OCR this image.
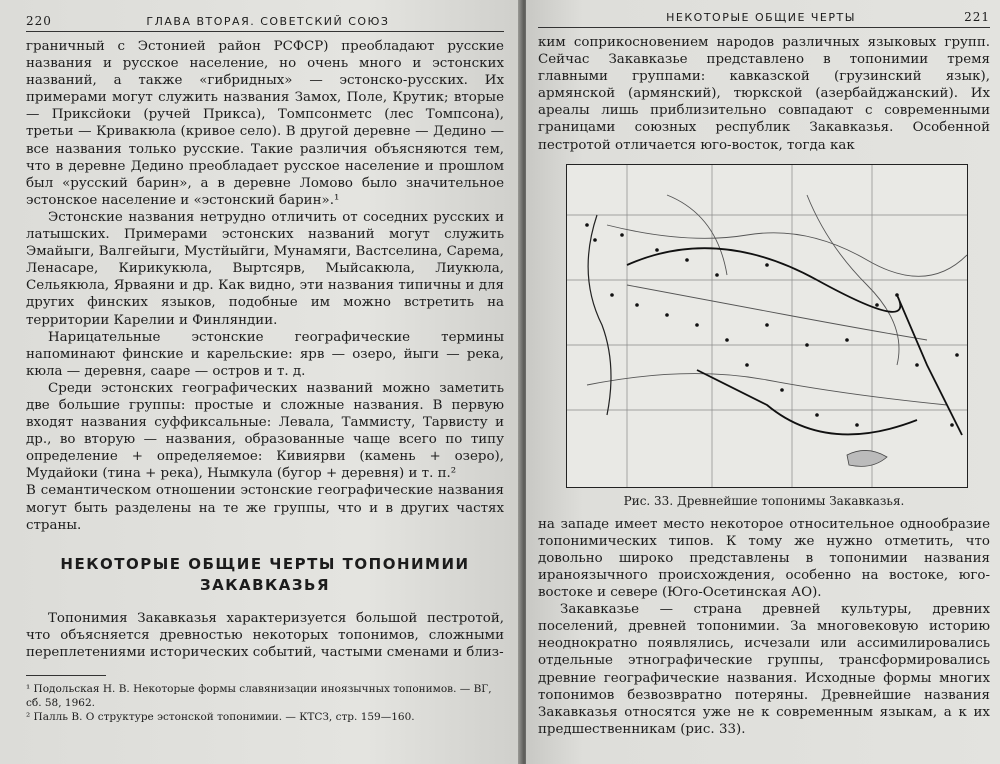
220	ГЛАВА ВТОРАЯ. СОВЕТСКИЙ СОЮЗ

граничный с Эстонией район РСФСР) преобладают русские названия и русское население, но очень много и эстонских названий, а также «гибридных» — эстонско-русских. Их примерами могут служить названия Замох, Поле, Крутик; вторые — Приксйоки (ручей Прикса), Томпсонметс (лес Томпсона), третьи — Кривакюла (кривое село). В другой деревне — Дедино — все названия только русские. Такие различия объясняются тем, что в деревне Дедино преобладает русское население и прошлом был «русский барин», а в деревне Ломово было значительное эстонское население и «эстонский барин».¹

Эстонские названия нетрудно отличить от соседних русских и латышских. Примерами эстонских названий могут служить Эмайыги, Валгейыги, Мустйыйги, Мунамяги, Вастселина, Сарема, Ленасаре, Кирикукюла, Выртсярв, Мыйсакюла, Лиукюла, Сельякюла, Ярваяни и др. Как видно, эти названия типичны и для других финских языков, подобные им можно встретить на территории Карелии и Финляндии.

Нарицательные эстонские географические термины напоминают финские и карельские: ярв — озеро, йыги — река, кюла — деревня, сааре — остров и т. д.

Среди эстонских географических названий можно заметить две большие группы: простые и сложные названия. В первую входят названия суффиксальные: Левала, Таммисту, Тарвисту и др., во вторую — названия, образованные чаще всего по типу определение + определяемое: Кивиярви (камень + озеро), Мудайоки (тина + река), Нымкула (бугор + деревня) и т. п.²

В семантическом отношении эстонские географические названия могут быть разделены на те же группы, что и в других частях страны.

НЕКОТОРЫЕ ОБЩИЕ ЧЕРТЫ ТОПОНИМИИ ЗАКАВКАЗЬЯ

Топонимия Закавказья характеризуется большой пестротой, что объясняется древностью некоторых топонимов, сложными переплетениями исторических событий, частыми сменами и близ-

¹ Подольская Н. В. Некоторые формы славянизации иноязычных топонимов. — ВГ, сб. 58, 1962.

² Палль В. О структуре эстонской топонимии. — КТСЗ, стр. 159—160.

НЕКОТОРЫЕ ОБЩИЕ ЧЕРТЫ	221

ким соприкосновением народов различных языковых групп. Сейчас Закавказье представлено в топонимии тремя главными группами: кавказской (грузинский язык), армянской (армянский), тюркской (азербайджанский). Их ареалы лишь приблизительно совпадают с современными границами союзных республик Закавказья. Особенной пестротой отличается юго-восток, тогда как

Рис. 33. Древнейшие топонимы Закавказья.

на западе имеет место некоторое относительное однообразие топонимических типов. К тому же нужно отметить, что довольно широко представлены в топонимии названия ираноязычного происхождения, особенно на востоке, юго-востоке и севере (Юго-Осетинская АО).

Закавказье — страна древней культуры, древних поселений, древней топонимии. За многовековую историю неоднократно появлялись, исчезали или ассимилировались отдельные этнографические группы, трансформировались древние географические названия. Исходные формы многих топонимов безвозвратно потеряны. Древнейшие названия Закавказья относятся уже не к современным языкам, а к их предшественникам (рис. 33).
